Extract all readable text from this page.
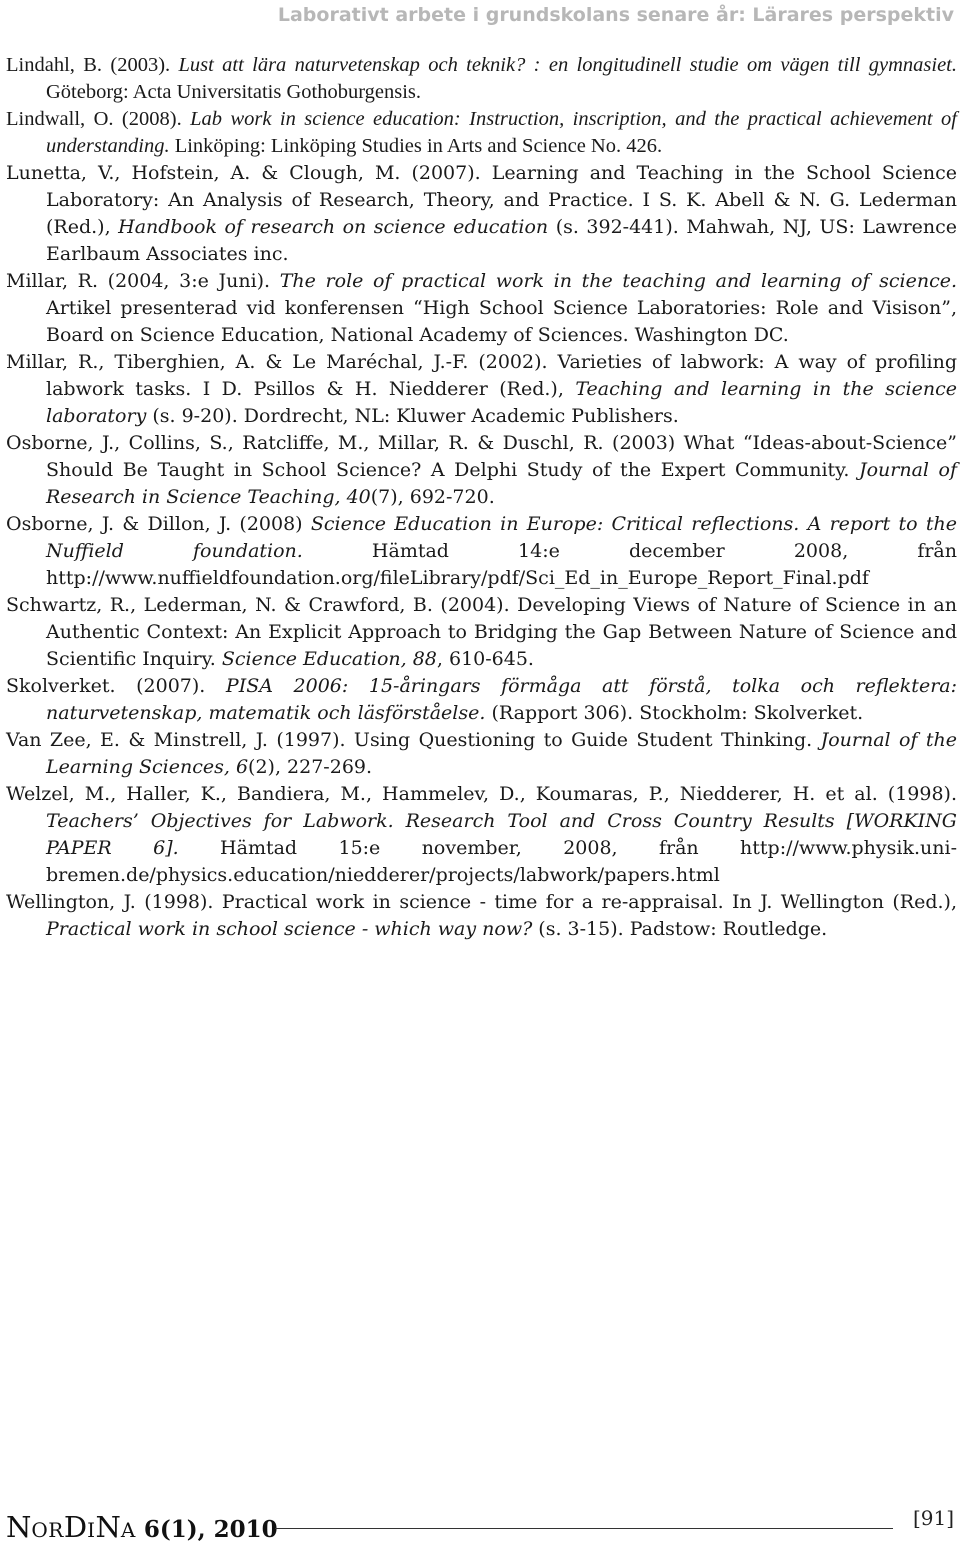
Laborativt arbete i grundskolans senare år: Lärares perspektiv
Lindahl, B. (2003). Lust att lära naturvetenskap och teknik? : en longitudinell studie om vägen till gymnasiet. Göteborg: Acta Universitatis Gothoburgensis.
Lindwall, O. (2008). Lab work in science education: Instruction, inscription, and the practical achievement of understanding. Linköping: Linköping Studies in Arts and Science No. 426.
Lunetta, V., Hofstein, A. & Clough, M. (2007). Learning and Teaching in the School Science Laboratory: An Analysis of Research, Theory, and Practice. I S. K. Abell & N. G. Lederman (Red.), Handbook of research on science education (s. 392-441). Mahwah, NJ, US: Lawrence Earlbaum Associates inc.
Millar, R. (2004, 3:e Juni). The role of practical work in the teaching and learning of science. Artikel presenterad vid konferensen “High School Science Laboratories: Role and Visison”, Board on Science Education, National Academy of Sciences. Washington DC.
Millar, R., Tiberghien, A. & Le Maréchal, J.-F. (2002). Varieties of labwork: A way of profiling labwork tasks. I D. Psillos & H. Niedderer (Red.), Teaching and learning in the science laboratory (s. 9-20). Dordrecht, NL: Kluwer Academic Publishers.
Osborne, J., Collins, S., Ratcliffe, M., Millar, R. & Duschl, R. (2003) What “Ideas-about-Science” Should Be Taught in School Science? A Delphi Study of the Expert Community. Journal of Research in Science Teaching, 40(7), 692-720.
Osborne, J. & Dillon, J. (2008) Science Education in Europe: Critical reflections. A report to the Nuffield foundation. Hämtad 14:e december 2008, från http://www.nuffieldfoundation.org/fileLibrary/pdf/Sci_Ed_in_Europe_Report_Final.pdf
Schwartz, R., Lederman, N. & Crawford, B. (2004). Developing Views of Nature of Science in an Authentic Context: An Explicit Approach to Bridging the Gap Between Nature of Science and Scientific Inquiry. Science Education, 88, 610-645.
Skolverket. (2007). PISA 2006: 15-åringars förmåga att förstå, tolka och reflektera: naturvetenskap, matematik och läsförståelse. (Rapport 306). Stockholm: Skolverket.
Van Zee, E. & Minstrell, J. (1997). Using Questioning to Guide Student Thinking. Journal of the Learning Sciences, 6(2), 227-269.
Welzel, M., Haller, K., Bandiera, M., Hammelev, D., Koumaras, P., Niedderer, H. et al. (1998). Teachers’ Objectives for Labwork. Research Tool and Cross Country Results [WORKING PAPER 6]. Hämtad 15:e november, 2008, från http://www.physik.uni-bremen.de/physics.education/niedderer/projects/labwork/papers.html
Wellington, J. (1998). Practical work in science - time for a re-appraisal. In J. Wellington (Red.), Practical work in school science - which way now? (s. 3-15). Padstow: Routledge.
NORDINA 6(1), 2010	[91]
